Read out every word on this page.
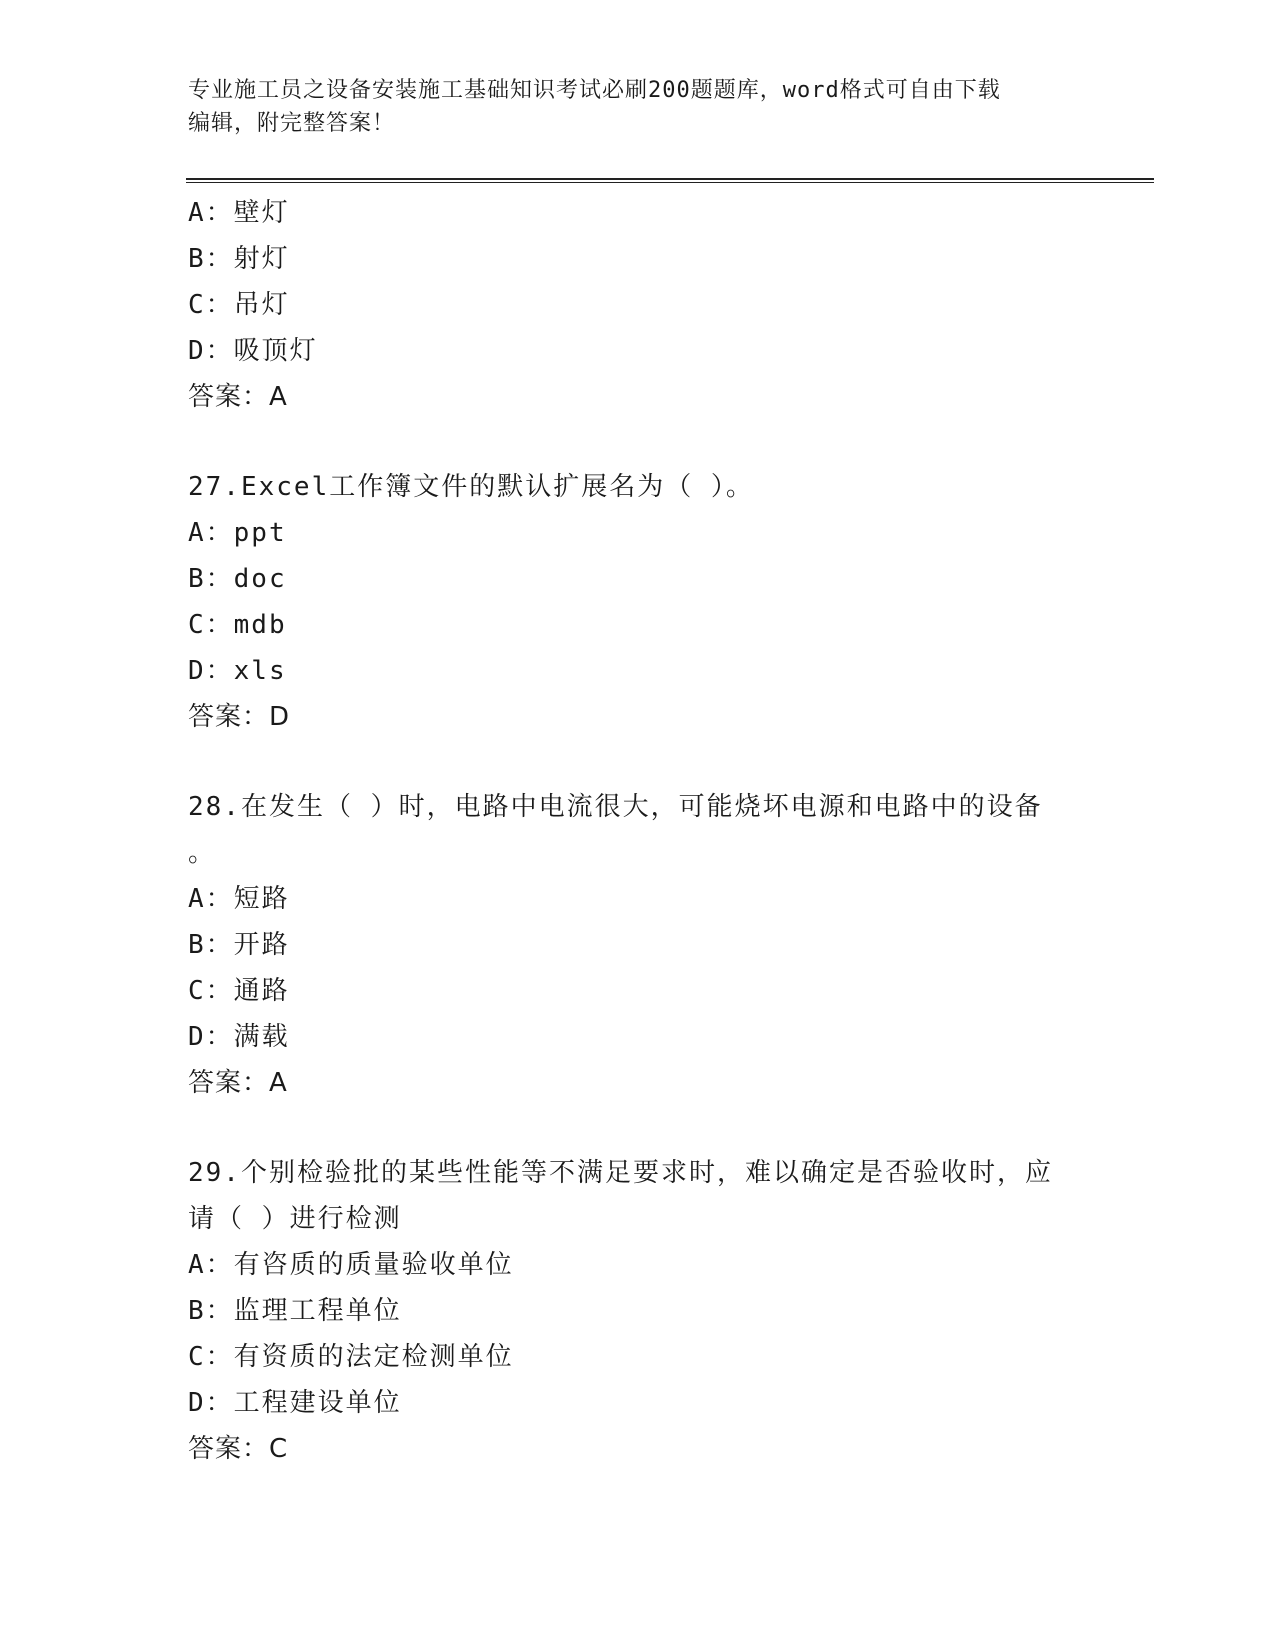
专业施工员之设备安装施工基础知识考试必刷200题题库，word格式可自由下载
编辑，附完整答案！
A：壁灯
B：射灯
C：吊灯
D：吸顶灯
答案：A
27.Excel工作簿文件的默认扩展名为（ ）。
A：ppt
B：doc
C：mdb
D：xls
答案：D
28.在发生（ ）时，电路中电流很大，可能烧坏电源和电路中的设备
。
A：短路
B：开路
C：通路
D：满载
答案：A
29.个别检验批的某些性能等不满足要求时，难以确定是否验收时，应
请（ ）进行检测
A：有咨质的质量验收单位
B：监理工程单位
C：有资质的法定检测单位
D：工程建设单位
答案：C
